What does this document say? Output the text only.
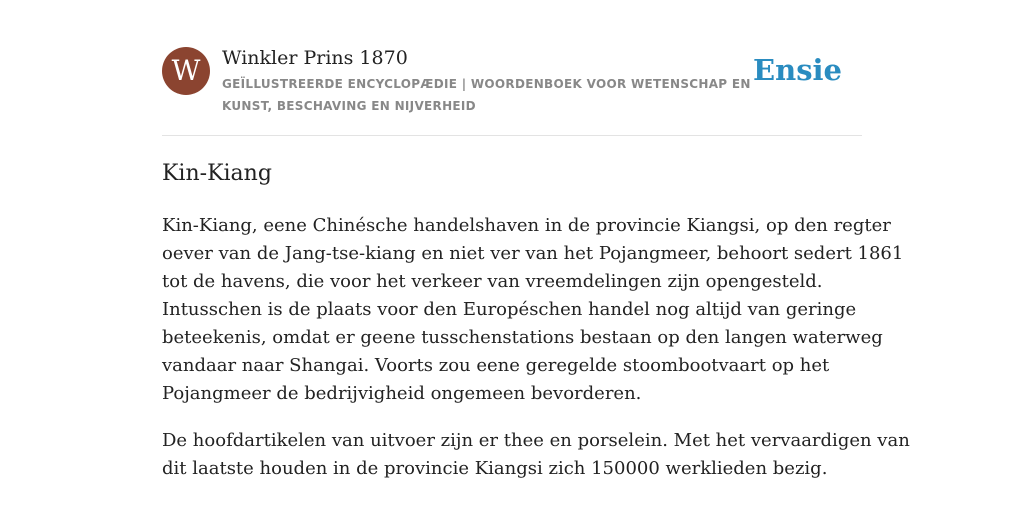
W	Winkler Prins 1870
GEÏLLUSTREERDE ENCYCLOPÆDIE | WOORDENBOEK VOOR WETENSCHAP EN KUNST, BESCHAVING EN NIJVERHEID
Ensie
Kin-Kiang

Kin-Kiang, eene Chinésche handelshaven in de provincie Kiangsi, op den regter
oever van de Jang-tse-kiang en niet ver van het Pojangmeer, behoort sedert 1861
tot de havens, die voor het verkeer van vreemdelingen zijn opengesteld.
Intusschen is de plaats voor den Européschen handel nog altijd van geringe
beteekenis, omdat er geene tusschenstations bestaan op den langen waterweg
vandaar naar Shangai. Voorts zou eene geregelde stoombootvaart op het
Pojangmeer de bedrijvigheid ongemeen bevorderen.

De hoofdartikelen van uitvoer zijn er thee en porselein. Met het vervaardigen van
dit laatste houden in de provincie Kiangsi zich 150000 werklieden bezig.
